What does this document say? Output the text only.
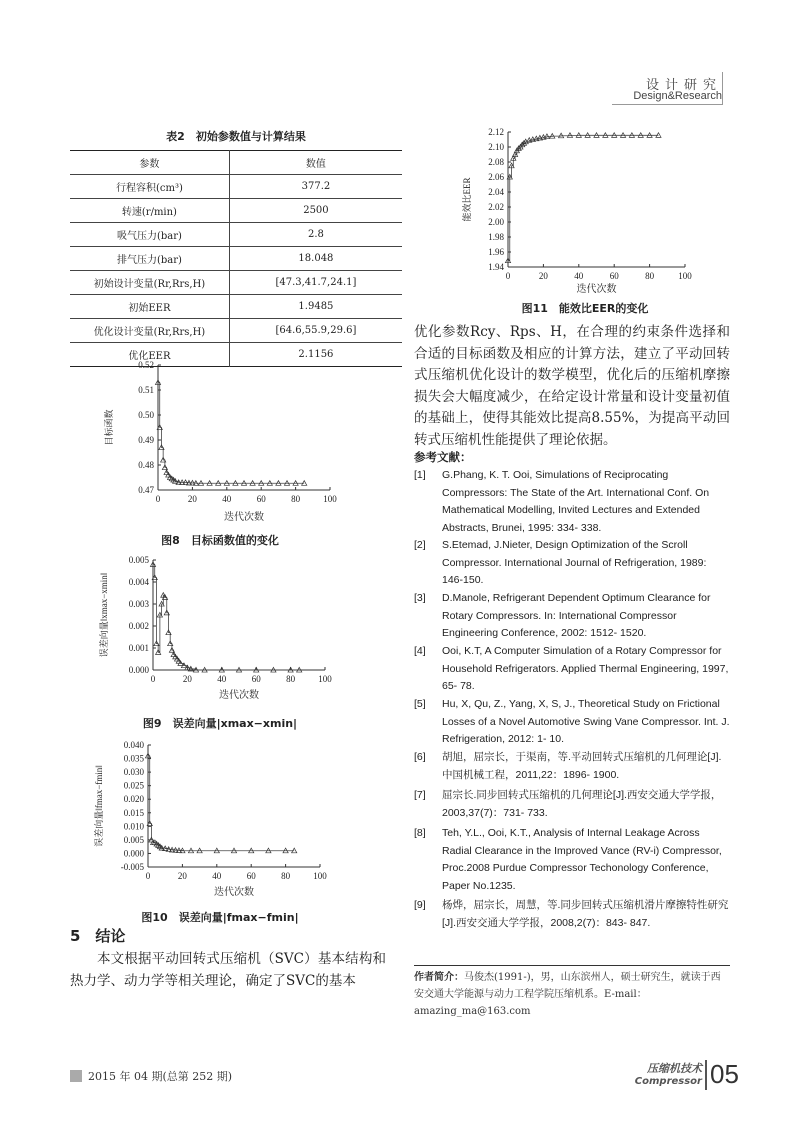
设计研究
Design&Research
表2　初始参数值与计算结果
参数	数值
行程容积(cm³)	377.2
转速(r/min)	2500
吸气压力(bar)	2.8
排气压力(bar)	18.048
初始设计变量(Rr,Rrs,H)	[47.3,41.7,24.1]
初始EER	1.9485
优化设计变量(Rr,Rrs,H)	[64.6,55.9,29.6]
优化EER	2.1156
0	20	40	60	80	100
0.47
0.48
0.49
0.50
0.51
0.52
迭代次数
目标函数
图8　目标函数值的变化
0	20	40	60	80	100
0.000
0.001
0.002
0.003
0.004
0.005
迭代次数
误差向量‖xmax−xmin‖
图9　误差向量|xmax−xmin|
0	20	40	60	80	100
-0.005
0.000
0.005
0.010
0.015
0.020
0.025
0.030
0.035
0.040
迭代次数
误差向量‖fmax−fmin‖
图10　误差向量|fmax−fmin|
0	20	40	60	80	100
1.94
1.96
1.98
2.00
2.02
2.04
2.06
2.08
2.10
2.12
迭代次数
能效比EER
图11　能效比EER的变化
优化参数Rcy、Rps、H，在合理的约束条件选择和合适的目标函数及相应的计算方法，建立了平动回转式压缩机优化设计的数学模型，优化后的压缩机摩擦损失会大幅度减少，在给定设计常量和设计变量初值的基础上，使得其能效比提高8.55%，为提高平动回转式压缩机性能提供了理论依据。
参考文献：
[1] G.Phang, K. T. Ooi, Simulations of Reciprocating Compressors: The State of the Art. International Conf. On Mathematical Modelling, Invited Lectures and Extended Abstracts, Brunei, 1995: 334- 338.
[2] S.Etemad, J.Nieter, Design Optimization of the Scroll Compressor. International Journal of Refrigeration, 1989: 146-150.
[3] D.Manole, Refrigerant Dependent Optimum Clearance for Rotary Compressors. In: International Compressor Engineering Conference, 2002: 1512- 1520.
[4] Ooi, K.T, A Computer Simulation of a Rotary Compressor for Household Refrigerators. Applied Thermal Engineering, 1997, 65- 78.
[5] Hu, X, Qu, Z., Yang, X, S, J., Theoretical Study on Frictional Losses of a Novel Automotive Swing Vane Compressor. Int. J. Refrigeration, 2012: 1- 10.
[6] 胡旭，屈宗长，于渠南，等.平动回转式压缩机的几何理论[J].中国机械工程，2011,22：1896- 1900.
[7] 屈宗长.同步回转式压缩机的几何理论[J].西安交通大学学报，2003,37(7)：731- 733.
[8] Teh, Y.L., Ooi, K.T., Analysis of Internal Leakage Across Radial Clearance in the Improved Vance (RV-i) Compressor, Proc.2008 Purdue Compressor Techonology Conference, Paper No.1235.
[9] 杨烨，屈宗长，周慧，等.同步回转式压缩机滑片摩擦特性研究[J].西安交通大学学报，2008,2(7)：843- 847.
作者简介：马俊杰(1991-)，男，山东滨州人，硕士研究生，就读于西安交通大学能源与动力工程学院压缩机系。E-mail：amazing_ma@163.com
5　结论
本文根据平动回转式压缩机（SVC）基本结构和热力学、动力学等相关理论，确定了SVC的基本
2015 年 04 期(总第 252 期)
压缩机技术
Compressor 05
